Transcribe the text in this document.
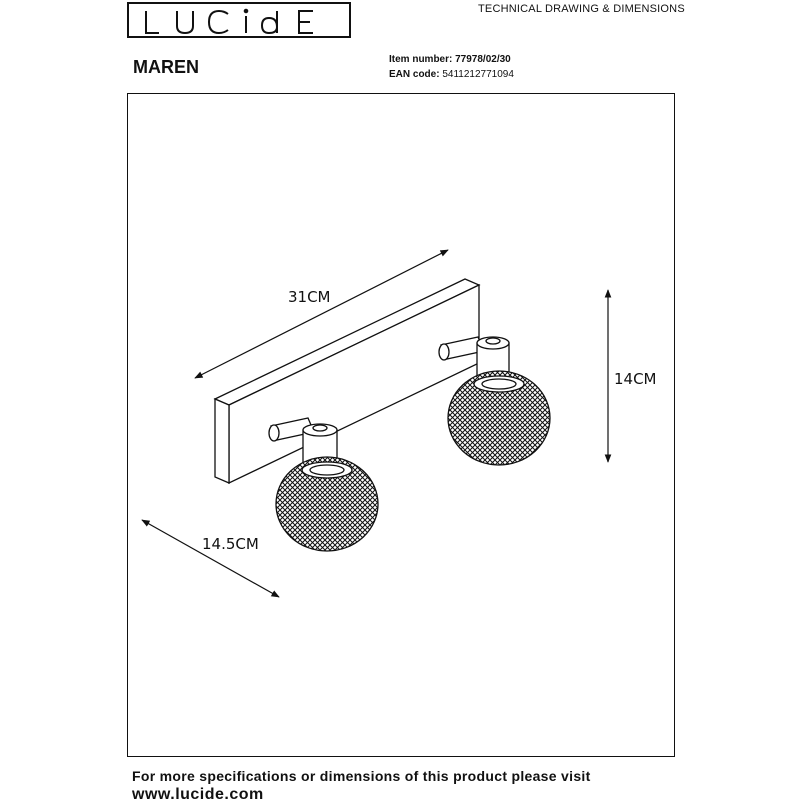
TECHNICAL DRAWING & DIMENSIONS
MAREN	Item number: 77978/02/30
EAN code: 5411212771094
31CM
14CM
14.5CM
For more specifications or dimensions of this product please visit
www.lucide.com
